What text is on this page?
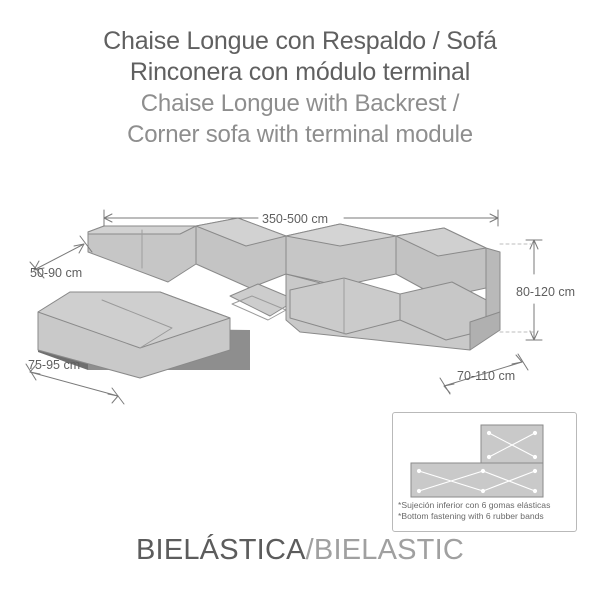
Chaise Longue con Respaldo / Sofá
Rinconera con módulo terminal
Chaise Longue with Backrest /
Corner sofa with terminal module
350-500 cm
50-90 cm
80-120 cm
75-95 cm
70-110 cm
*Sujeción inferior con 6 gomas elásticas
*Bottom fastening with 6 rubber bands
BIELÁSTICA/BIELASTIC
